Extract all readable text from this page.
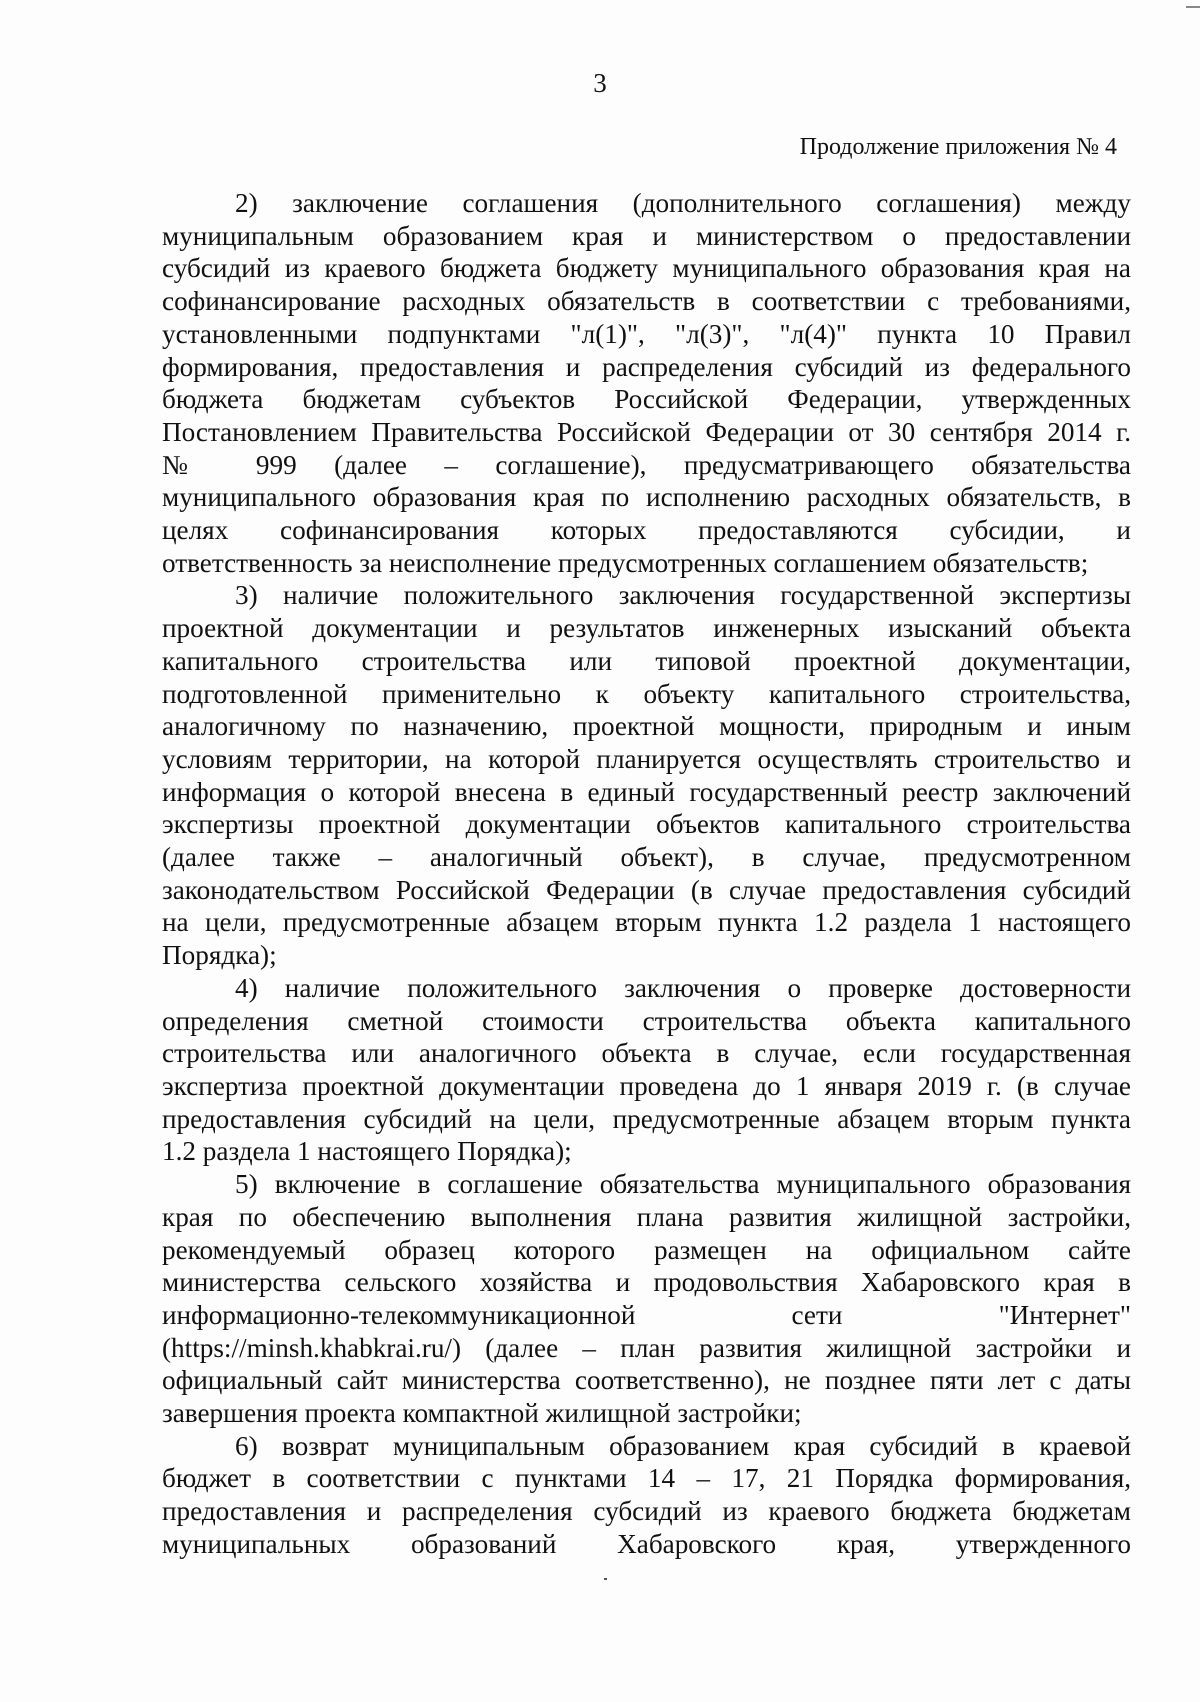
3
Продолжение приложения № 4
2) заключение соглашения (дополнительного соглашения) между
муниципальным образованием края и министерством о предоставлении
субсидий из краевого бюджета бюджету муниципального образования края на
софинансирование расходных обязательств в соответствии с требованиями,
установленными подпунктами "л(1)", "л(3)", "л(4)" пункта 10 Правил
формирования, предоставления и распределения субсидий из федерального
бюджета бюджетам субъектов Российской Федерации, утвержденных
Постановлением Правительства Российской Федерации от 30 сентября 2014 г.
№ 999 (далее – соглашение), предусматривающего обязательства
муниципального образования края по исполнению расходных обязательств, в
целях софинансирования которых предоставляются субсидии, и
ответственность за неисполнение предусмотренных соглашением обязательств;
3) наличие положительного заключения государственной экспертизы
проектной документации и результатов инженерных изысканий объекта
капитального строительства или типовой проектной документации,
подготовленной применительно к объекту капитального строительства,
аналогичному по назначению, проектной мощности, природным и иным
условиям территории, на которой планируется осуществлять строительство и
информация о которой внесена в единый государственный реестр заключений
экспертизы проектной документации объектов капитального строительства
(далее также – аналогичный объект), в случае, предусмотренном
законодательством Российской Федерации (в случае предоставления субсидий
на цели, предусмотренные абзацем вторым пункта 1.2 раздела 1 настоящего
Порядка);
4) наличие положительного заключения о проверке достоверности
определения сметной стоимости строительства объекта капитального
строительства или аналогичного объекта в случае, если государственная
экспертиза проектной документации проведена до 1 января 2019 г. (в случае
предоставления субсидий на цели, предусмотренные абзацем вторым пункта
1.2 раздела 1 настоящего Порядка);
5) включение в соглашение обязательства муниципального образования
края по обеспечению выполнения плана развития жилищной застройки,
рекомендуемый образец которого размещен на официальном сайте
министерства сельского хозяйства и продовольствия Хабаровского края в
информационно-телекоммуникационной сети "Интернет"
(https://minsh.khabkrai.ru/) (далее – план развития жилищной застройки и
официальный сайт министерства соответственно), не позднее пяти лет с даты
завершения проекта компактной жилищной застройки;
6) возврат муниципальным образованием края субсидий в краевой
бюджет в соответствии с пунктами 14 – 17, 21 Порядка формирования,
предоставления и распределения субсидий из краевого бюджета бюджетам
муниципальных образований Хабаровского края, утвержденного
